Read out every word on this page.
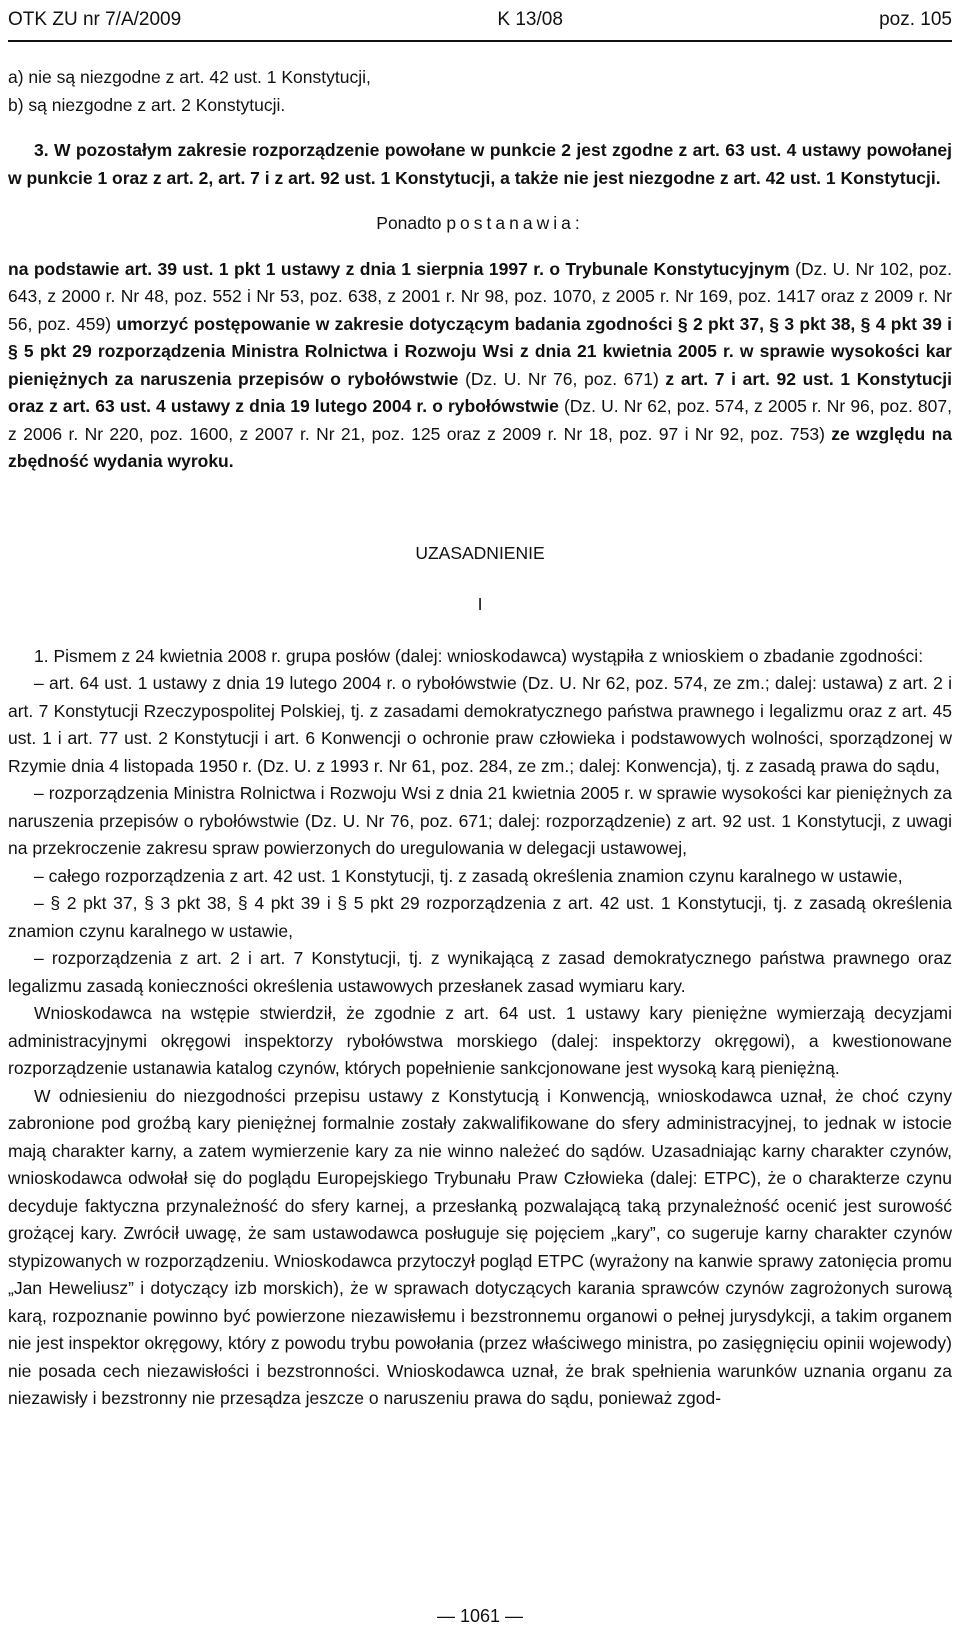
OTK ZU nr 7/A/2009	K 13/08	poz. 105

a) nie są niezgodne z art. 42 ust. 1 Konstytucji,

b) są niezgodne z art. 2 Konstytucji.

3. W pozostałym zakresie rozporządzenie powołane w punkcie 2 jest zgodne z art. 63 ust. 4 ustawy powołanej w punkcie 1 oraz z art. 2, art. 7 i z art. 92 ust. 1 Konstytucji, a także nie jest niezgodne z art. 42 ust. 1 Konstytucji.

Ponadto postanawia:

na podstawie art. 39 ust. 1 pkt 1 ustawy z dnia 1 sierpnia 1997 r. o Trybunale Konstytucyjnym (Dz. U. Nr 102, poz. 643, z 2000 r. Nr 48, poz. 552 i Nr 53, poz. 638, z 2001 r. Nr 98, poz. 1070, z 2005 r. Nr 169, poz. 1417 oraz z 2009 r. Nr 56, poz. 459) umorzyć postępowanie w zakresie dotyczącym badania zgodności § 2 pkt 37, § 3 pkt 38, § 4 pkt 39 i § 5 pkt 29 rozporządzenia Ministra Rolnictwa i Rozwoju Wsi z dnia 21 kwietnia 2005 r. w sprawie wysokości kar pieniężnych za naruszenia przepisów o rybołówstwie (Dz. U. Nr 76, poz. 671) z art. 7 i art. 92 ust. 1 Konstytucji oraz z art. 63 ust. 4 ustawy z dnia 19 lutego 2004 r. o rybołówstwie (Dz. U. Nr 62, poz. 574, z 2005 r. Nr 96, poz. 807, z 2006 r. Nr 220, poz. 1600, z 2007 r. Nr 21, poz. 125 oraz z 2009 r. Nr 18, poz. 97 i Nr 92, poz. 753) ze względu na zbędność wydania wyroku.

UZASADNIENIE

I

1. Pismem z 24 kwietnia 2008 r. grupa posłów (dalej: wnioskodawca) wystąpiła z wnioskiem o zbadanie zgodności:

– art. 64 ust. 1 ustawy z dnia 19 lutego 2004 r. o rybołówstwie (Dz. U. Nr 62, poz. 574, ze zm.; dalej: ustawa) z art. 2 i art. 7 Konstytucji Rzeczypospolitej Polskiej, tj. z zasadami demokratycznego państwa prawnego i legalizmu oraz z art. 45 ust. 1 i art. 77 ust. 2 Konstytucji i art. 6 Konwencji o ochronie praw człowieka i podstawowych wolności, sporządzonej w Rzymie dnia 4 listopada 1950 r. (Dz. U. z 1993 r. Nr 61, poz. 284, ze zm.; dalej: Konwencja), tj. z zasadą prawa do sądu,

– rozporządzenia Ministra Rolnictwa i Rozwoju Wsi z dnia 21 kwietnia 2005 r. w sprawie wysokości kar pieniężnych za naruszenia przepisów o rybołówstwie (Dz. U. Nr 76, poz. 671; dalej: rozporządzenie) z art. 92 ust. 1 Konstytucji, z uwagi na przekroczenie zakresu spraw powierzonych do uregulowania w delegacji ustawowej,

– całego rozporządzenia z art. 42 ust. 1 Konstytucji, tj. z zasadą określenia znamion czynu karalnego w ustawie,

– § 2 pkt 37, § 3 pkt 38, § 4 pkt 39 i § 5 pkt 29 rozporządzenia z art. 42 ust. 1 Konstytucji, tj. z zasadą określenia znamion czynu karalnego w ustawie,

– rozporządzenia z art. 2 i art. 7 Konstytucji, tj. z wynikającą z zasad demokratycznego państwa prawnego oraz legalizmu zasadą konieczności określenia ustawowych przesłanek zasad wymiaru kary.

Wnioskodawca na wstępie stwierdził, że zgodnie z art. 64 ust. 1 ustawy kary pieniężne wymierzają decyzjami administracyjnymi okręgowi inspektorzy rybołówstwa morskiego (dalej: inspektorzy okręgowi), a kwestionowane rozporządzenie ustanawia katalog czynów, których popełnienie sankcjonowane jest wysoką karą pieniężną.

W odniesieniu do niezgodności przepisu ustawy z Konstytucją i Konwencją, wnioskodawca uznał, że choć czyny zabronione pod groźbą kary pieniężnej formalnie zostały zakwalifikowane do sfery administracyjnej, to jednak w istocie mają charakter karny, a zatem wymierzenie kary za nie winno należeć do sądów. Uzasadniając karny charakter czynów, wnioskodawca odwołał się do poglądu Europejskiego Trybunału Praw Człowieka (dalej: ETPC), że o charakterze czynu decyduje faktyczna przynależność do sfery karnej, a przesłanką pozwalającą taką przynależność ocenić jest surowość grożącej kary. Zwrócił uwagę, że sam ustawodawca posługuje się pojęciem „kary”, co sugeruje karny charakter czynów stypizowanych w rozporządzeniu. Wnioskodawca przytoczył pogląd ETPC (wyrażony na kanwie sprawy zatonięcia promu „Jan Heweliusz” i dotyczący izb morskich), że w sprawach dotyczących karania sprawców czynów zagrożonych surową karą, rozpoznanie powinno być powierzone niezawisłemu i bezstronnemu organowi o pełnej jurysdykcji, a takim organem nie jest inspektor okręgowy, który z powodu trybu powołania (przez właściwego ministra, po zasięgnięciu opinii wojewody) nie posada cech niezawisłości i bezstronności. Wnioskodawca uznał, że brak spełnienia warunków uznania organu za niezawisły i bezstronny nie przesądza jeszcze o naruszeniu prawa do sądu, ponieważ zgod-

— 1061 —
